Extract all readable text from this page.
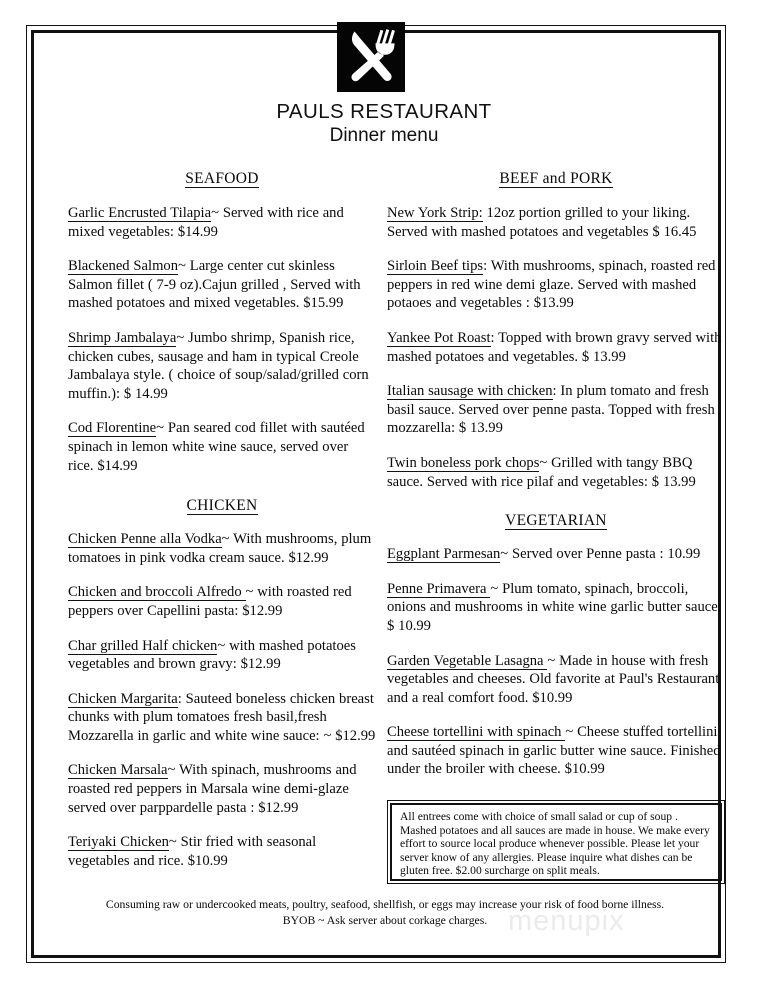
PAULS RESTAURANT
Dinner menu
SEAFOOD
Garlic Encrusted Tilapia~ Served with rice and mixed vegetables: $14.99
Blackened Salmon~ Large center cut skinless Salmon fillet ( 7-9 oz).Cajun grilled , Served with mashed potatoes and mixed vegetables. $15.99
Shrimp Jambalaya~ Jumbo shrimp, Spanish rice, chicken cubes, sausage and ham in typical Creole Jambalaya style. ( choice of soup/salad/grilled corn muffin.): $ 14.99
Cod Florentine~ Pan seared cod fillet with sautéed spinach in lemon white wine sauce, served over rice. $14.99
CHICKEN
Chicken Penne alla Vodka~ With mushrooms, plum tomatoes in pink vodka cream sauce. $12.99
Chicken and broccoli Alfredo ~ with roasted red peppers over Capellini pasta: $12.99
Char grilled Half chicken~ with mashed potatoes vegetables and brown gravy: $12.99
Chicken Margarita: Sauteed boneless chicken breast chunks with plum tomatoes fresh basil,fresh Mozzarella in garlic and white wine sauce: ~ $12.99
Chicken Marsala~ With spinach, mushrooms and roasted red peppers in Marsala wine demi-glaze served over parppardelle pasta : $12.99
Teriyaki Chicken~ Stir fried with seasonal vegetables and rice. $10.99
BEEF and PORK
New York Strip: 12oz portion grilled to your liking. Served with mashed potatoes and vegetables $ 16.45
Sirloin Beef tips: With mushrooms, spinach, roasted red peppers in red wine demi glaze. Served with mashed potaoes and vegetables : $13.99
Yankee Pot Roast: Topped with brown gravy served with mashed potatoes and vegetables. $ 13.99
Italian sausage with chicken: In plum tomato and fresh basil sauce. Served over penne pasta. Topped with fresh mozzarella: $ 13.99
Twin boneless pork chops~ Grilled with tangy BBQ sauce. Served with rice pilaf and vegetables: $ 13.99
VEGETARIAN
Eggplant Parmesan~ Served over Penne pasta : 10.99
Penne Primavera ~ Plum tomato, spinach, broccoli, onions and mushrooms in white wine garlic butter sauce: $ 10.99
Garden Vegetable Lasagna ~ Made in house with fresh vegetables and cheeses. Old favorite at Paul's Restaurant and a real comfort food. $10.99
Cheese tortellini with spinach ~ Cheese stuffed tortellini and sautéed spinach in garlic butter wine sauce. Finished under the broiler with cheese. $10.99
All entrees come with choice of small salad or cup of soup . Mashed potatoes and all sauces are made in house. We make every effort to source local produce whenever possible. Please let your server know of any allergies. Please inquire what dishes can be gluten free. $2.00 surcharge on split meals.
menupix
Consuming raw or undercooked meats, poultry, seafood, shellfish, or eggs may increase your risk of food borne illness.
BYOB ~ Ask server about corkage charges.
